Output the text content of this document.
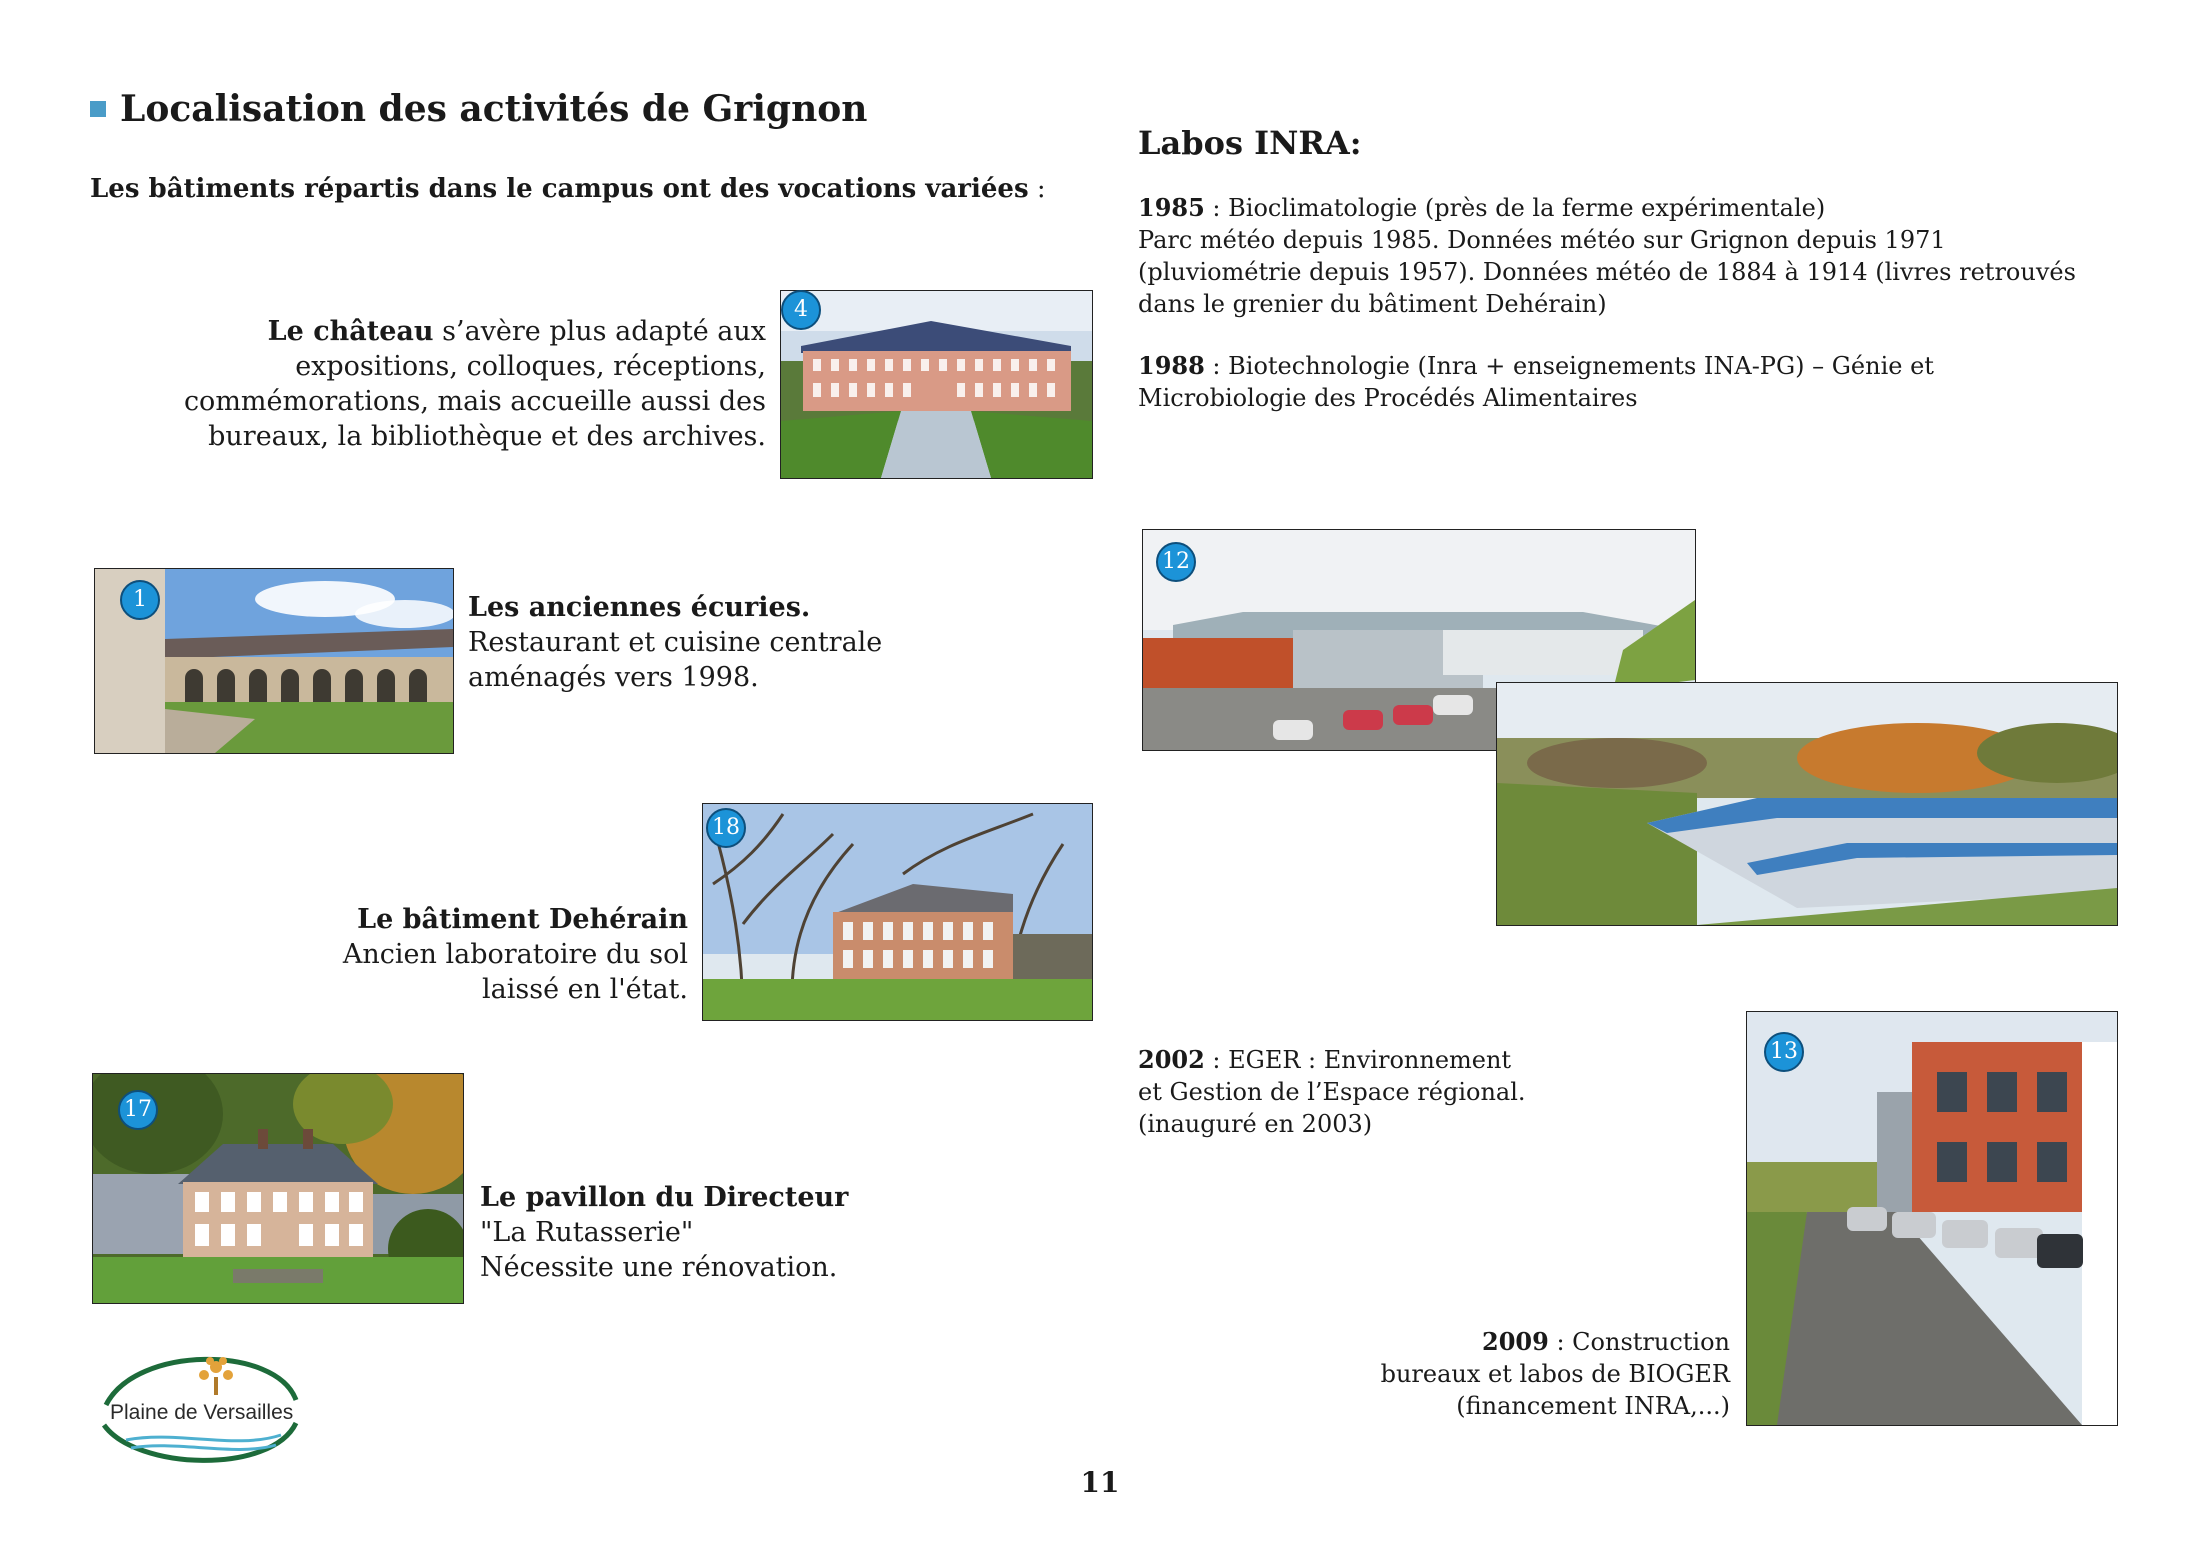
Localisation des activités de Grignon
Les bâtiments répartis dans le campus ont des vocations variées :
Le château s’avère plus adapté aux expositions, colloques, réceptions, commémorations, mais accueille aussi des bureaux, la bibliothèque et des archives.
4
1	Les anciennes écuries.
Restaurant et cuisine centrale
aménagés vers 1998.
Le bâtiment Dehérain
Ancien laboratoire du sol
laissé en l'état.
18
17
Le pavillon du Directeur
"La Rutasserie"
Nécessite une rénovation.
Plaine de Versailles
Labos INRA:
1985 : Bioclimatologie (près de la ferme expérimentale)
Parc météo depuis 1985. Données météo sur Grignon depuis 1971 (pluviométrie depuis 1957). Données météo de 1884 à 1914 (livres retrouvés dans le grenier du bâtiment Dehérain)
1988 : Biotechnologie (Inra + enseignements INA-PG) – Génie et Microbiologie des Procédés Alimentaires
12
2002 : EGER : Environnement
et Gestion de l’Espace régional.
(inauguré en 2003)
13
2009 : Construction
bureaux et labos de BIOGER
(financement INRA,...)
11
